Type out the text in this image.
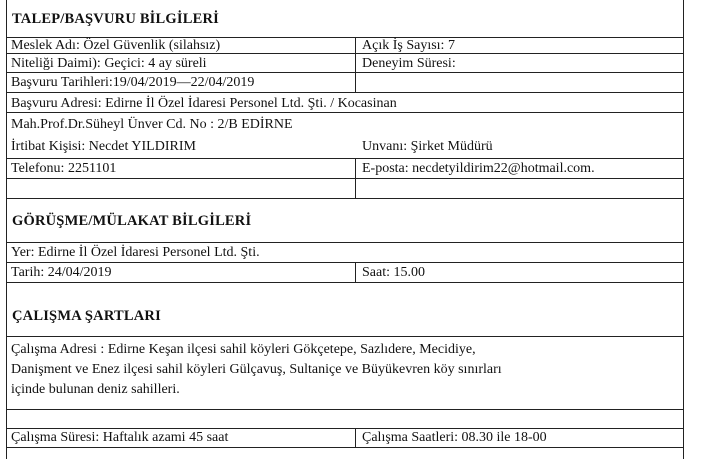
TALEP/BAŞVURU BİLGİLERİ
Meslek Adı: Özel Güvenlik (silahsız)	Açık İş Sayısı: 7
Niteliği Daimi): Geçici: 4 ay süreli	Deneyim Süresi:
Başvuru Tarihleri:19/04/2019—22/04/2019
Başvuru Adresi: Edirne İl Özel İdaresi Personel Ltd. Şti. / Kocasinan
Mah.Prof.Dr.Süheyl Ünver Cd. No : 2/B EDİRNE
İrtibat Kişisi: Necdet YILDIRIM	Unvanı: Şirket Müdürü
Telefonu: 2251101	E-posta: necdetyildirim22@hotmail.com.
GÖRÜŞME/MÜLAKAT BİLGİLERİ
Yer: Edirne İl Özel İdaresi Personel Ltd. Şti.
Tarih: 24/04/2019	Saat: 15.00
ÇALIŞMA ŞARTLARI
Çalışma Adresi : Edirne Keşan ilçesi sahil köyleri Gökçetepe, Sazlıdere, Mecidiye,
Danişment ve Enez ilçesi sahil köyleri Gülçavuş, Sultaniçe ve Büyükevren köy sınırları
içinde bulunan deniz sahilleri.
Çalışma Süresi: Haftalık azami 45 saat	Çalışma Saatleri: 08.30 ile 18-00
